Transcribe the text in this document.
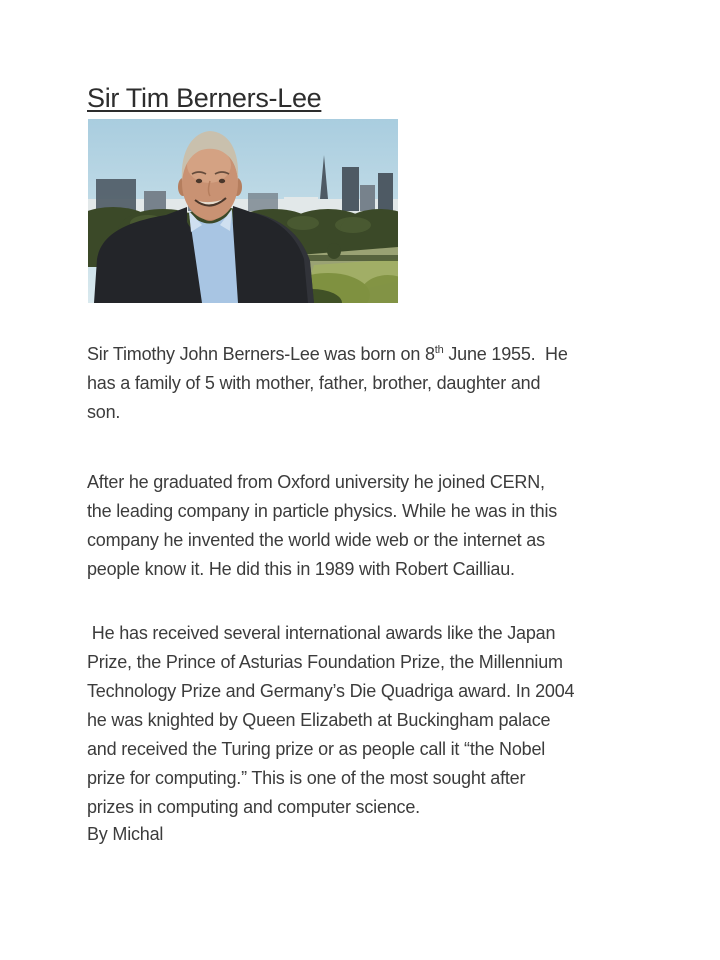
Sir Tim Berners-Lee

Sir Timothy John Berners-Lee was born on 8th June 1955.  He
has a family of 5 with mother, father, brother, daughter and
son.

After he graduated from Oxford university he joined CERN,
the leading company in particle physics. While he was in this
company he invented the world wide web or the internet as
people know it. He did this in 1989 with Robert Cailliau.

He has received several international awards like the Japan
Prize, the Prince of Asturias Foundation Prize, the Millennium
Technology Prize and Germany’s Die Quadriga award. In 2004
he was knighted by Queen Elizabeth at Buckingham palace
and received the Turing prize or as people call it “the Nobel
prize for computing.” This is one of the most sought after
prizes in computing and computer science.

By Michal
